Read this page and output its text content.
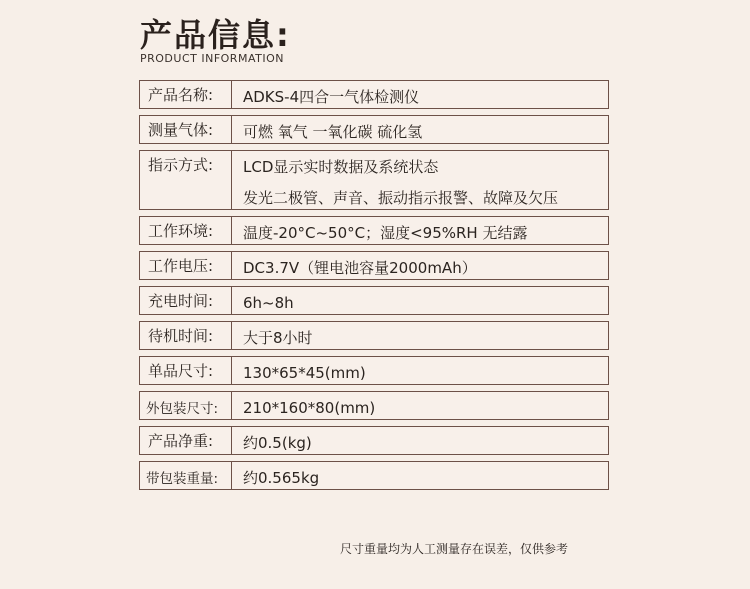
产品信息:
PRODUCT INFORMATION
产品名称:	ADKS-4四合一气体检测仪
测量气体:	可燃 氧气 一氧化碳 硫化氢
指示方式:	LCD显示实时数据及系统状态
发光二极管、声音、振动指示报警、故障及欠压
工作环境:	温度-20°C~50°C；湿度<95%RH 无结露
工作电压:	DC3.7V（锂电池容量2000mAh）
充电时间:	6h~8h
待机时间:	大于8小时
单品尺寸:	130*65*45(mm)
外包装尺寸:	210*160*80(mm)
产品净重:	约0.5(kg)
带包装重量:	约0.565kg
尺寸重量均为人工测量存在误差，仅供参考
